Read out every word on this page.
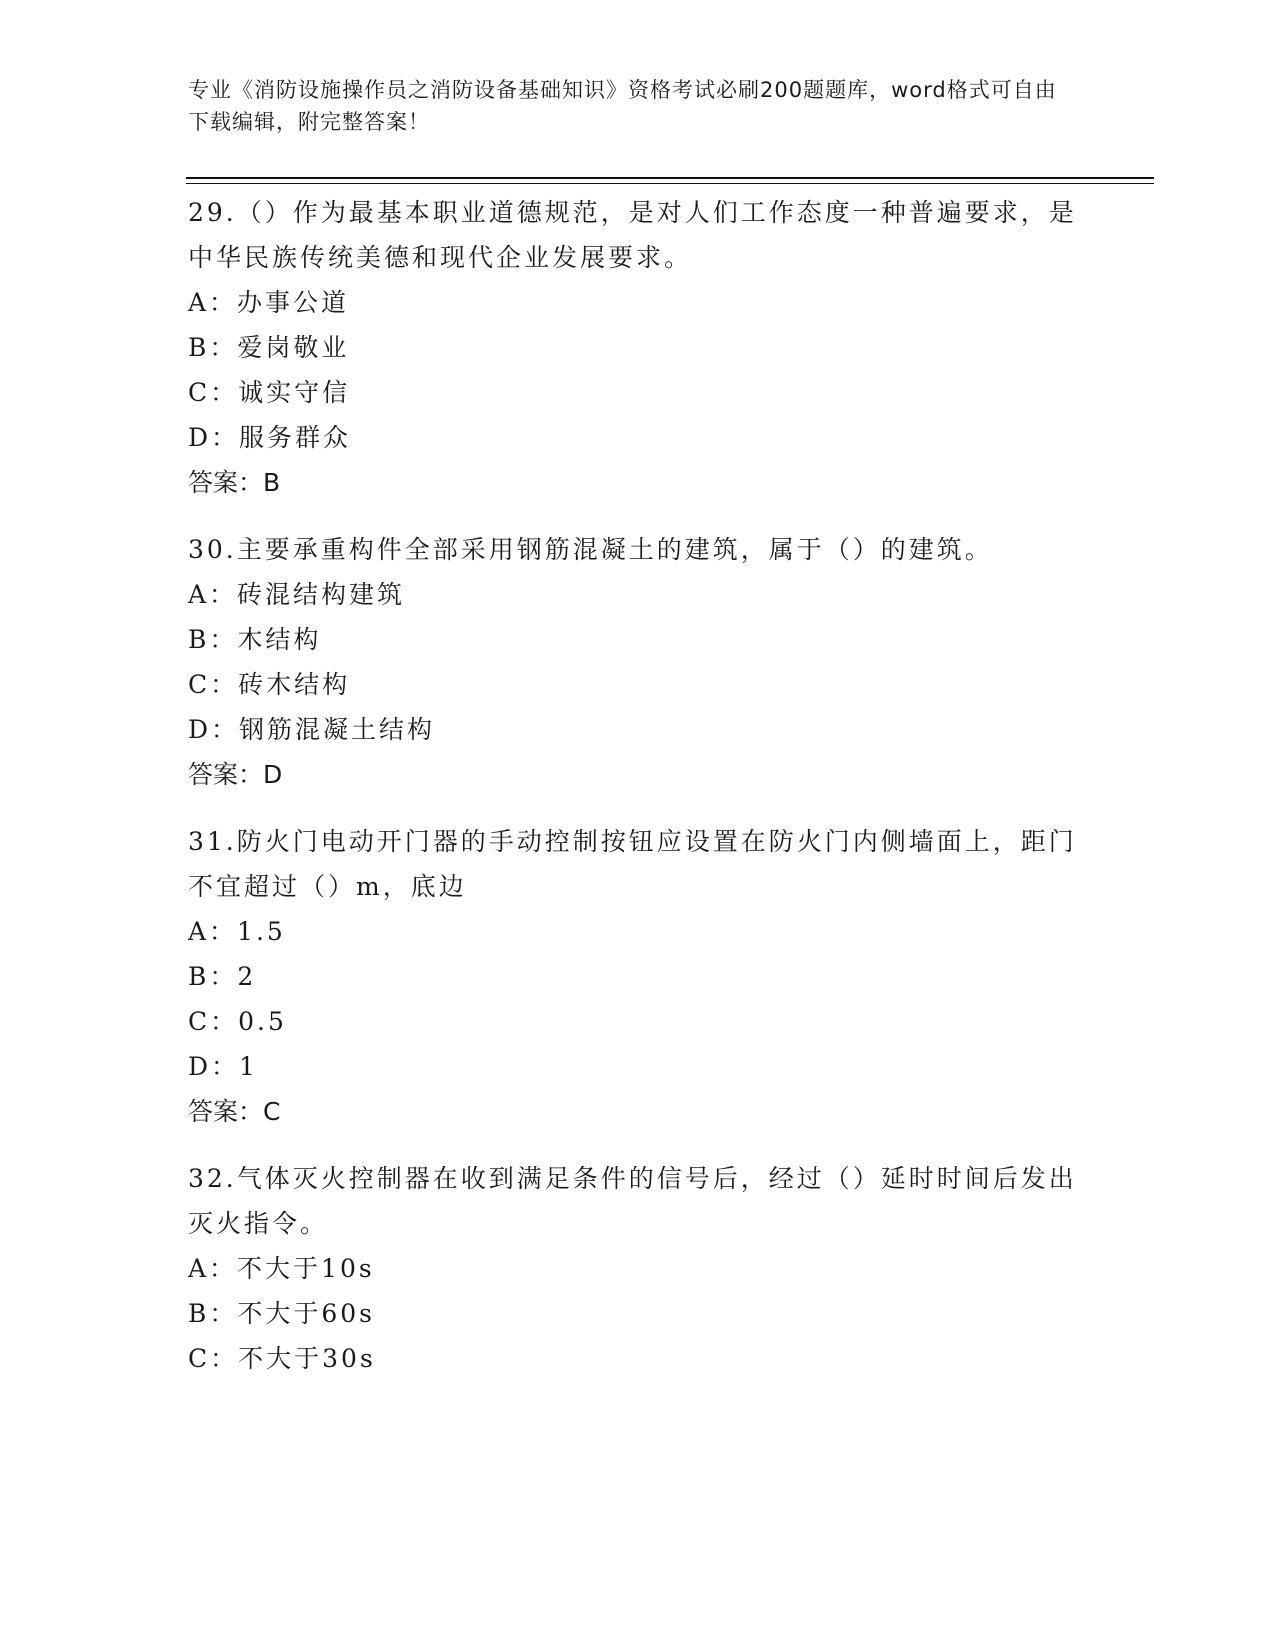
专业《消防设施操作员之消防设备基础知识》资格考试必刷200题题库，word格式可自由下载编辑，附完整答案！

29.（）作为最基本职业道德规范，是对人们工作态度一种普遍要求，是中华民族传统美德和现代企业发展要求。

A：办事公道

B：爱岗敬业

C：诚实守信

D：服务群众

答案：B

30.主要承重构件全部采用钢筋混凝土的建筑，属于（）的建筑。

A：砖混结构建筑

B：木结构

C：砖木结构

D：钢筋混凝土结构

答案：D

31.防火门电动开门器的手动控制按钮应设置在防火门内侧墙面上，距门不宜超过（）m，底边

A：1.5

B：2

C：0.5

D：1

答案：C

32.气体灭火控制器在收到满足条件的信号后，经过（）延时时间后发出灭火指令。

A：不大于10s

B：不大于60s

C：不大于30s
